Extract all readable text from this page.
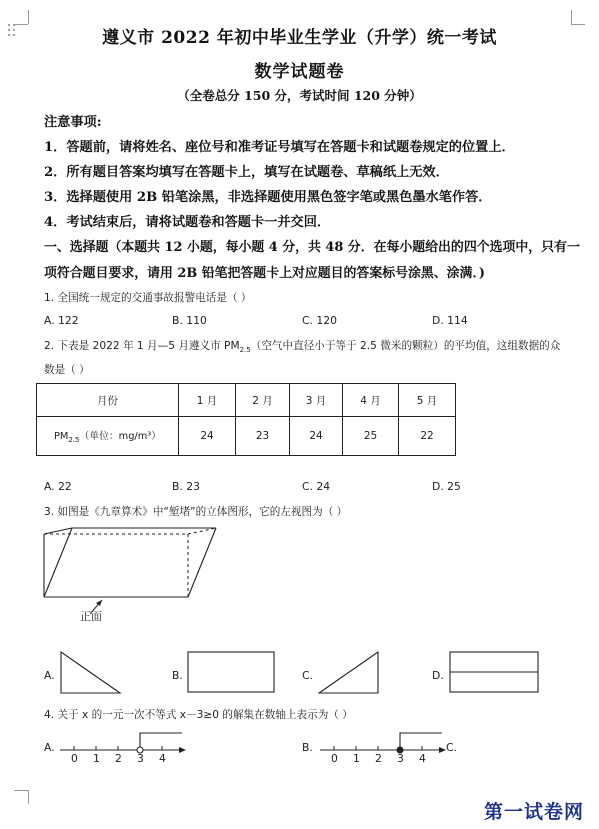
遵义市 2022 年初中毕业生学业（升学）统一考试
数学试题卷
（全卷总分 150 分，考试时间 120 分钟）
注意事项:
1．答题前，请将姓名、座位号和准考证号填写在答题卡和试题卷规定的位置上．
2．所有题目答案均填写在答题卡上，填写在试题卷、草稿纸上无效．
3．选择题使用 2B 铅笔涂黑，非选择题使用黑色签字笔或黑色墨水笔作答．
4．考试结束后，请将试题卷和答题卡一并交回．
一、选择题（本题共 12 小题，每小题 4 分，共 48 分．在每小题给出的四个选项中，只有一
项符合题目要求，请用 2B 铅笔把答题卡上对应题目的答案标号涂黑、涂满．)
1. 全国统一规定的交通事故报警电话是（ ）
A. 122	B. 110	C. 120	D. 114
2. 下表是 2022 年 1 月—5 月遵义市 $PM_{2.5}$（空气中直径小于等于 2.5 微米的颗粒）的平均值，这组数据的众
数是（ ）
月份	1 月	2 月	3 月	4 月	5 月
$PM_{2.5}$（单位：mg/m³）	24	23	24	25	22
A. 22	B. 23	C. 24	D. 25
3. 如图是《九章算术》中“堑堵”的立体图形，它的左视图为（ ）
正面
A.	B.	C.	D.
4. 关于 x 的一元一次不等式 x－3≥0 的解集在数轴上表示为（ ）
A.
0 1 2 3 4
B.
0 1 2 3 4
C.
第一试卷网
